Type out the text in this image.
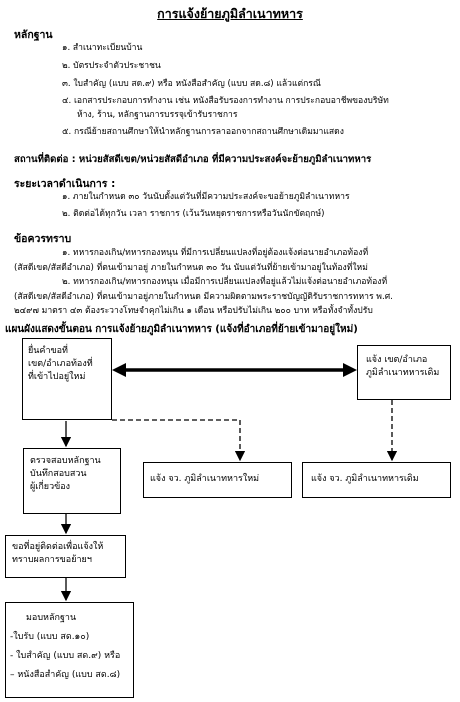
การแจ้งย้ายภูมิลำเนาทหาร
หลักฐาน
๑. สำเนาทะเบียนบ้าน
๒. บัตรประจำตัวประชาชน
๓. ใบสำคัญ (แบบ สด.๙) หรือ หนังสือสำคัญ (แบบ สด.๘) แล้วแต่กรณี
๔. เอกสารประกอบการทำงาน เช่น หนังสือรับรองการทำงาน การประกอบอาชีพของบริษัท
ห้าง, ร้าน, หลักฐานการบรรจุเข้ารับราชการ
๕. กรณีย้ายสถานศึกษาให้นำหลักฐานการลาออกจากสถานศึกษาเดิมมาแสดง
สถานที่ติดต่อ : หน่วยสัสดีเขต/หน่วยสัสดีอำเภอ ที่มีความประสงค์จะย้ายภูมิลำเนาทหาร
ระยะเวลาดำเนินการ :
๑. ภายในกำหนด ๓๐ วันนับตั้งแต่วันที่มีความประสงค์จะขอย้ายภูมิลำเนาทหาร
๒. ติดต่อได้ทุกวัน เวลา ราชการ (เว้นวันหยุดราชการหรือวันนักขัตฤกษ์)
ข้อควรทราบ
๑. ทหารกองเกิน/ทหารกองหนุน ที่มีการเปลี่ยนแปลงที่อยู่ต้องแจ้งต่อนายอำเภอท้องที่
(สัสดีเขต/สัสดีอำเภอ) ที่ตนเข้ามาอยู่ ภายในกำหนด ๓๐ วัน นับแต่วันที่ย้ายเข้ามาอยู่ในท้องที่ใหม่
๒. ทหารกองเกิน/ทหารกองหนุน เมื่อมีการเปลี่ยนแปลงที่อยู่แล้วไม่แจ้งต่อนายอำเภอท้องที่
(สัสดีเขต/สัสดีอำเภอ) ที่ตนเข้ามาอยู่ภายในกำหนด มีความผิดตามพระราชบัญญัติรับราชการทหาร พ.ศ.
๒๔๙๗ มาตรา ๔๓ ต้องระวางโทษจำคุกไม่เกิน ๑ เดือน หรือปรับไม่เกิน ๒๐๐ บาท หรือทั้งจำทั้งปรับ
แผนผังแสดงขั้นตอน การแจ้งย้ายภูมิลำเนาทหาร (แจ้งที่อำเภอที่ย้ายเข้ามาอยู่ใหม่)
ยื่นคำขอที่
เขต/อำเภอท้องที่
ที่เข้าไปอยู่ใหม่
แจ้ง เขต/อำเภอ
ภูมิลำเนาทหารเดิม
ตรวจสอบหลักฐาน
บันทึกสอบสวน
ผู้เกี่ยวข้อง
แจ้ง จว. ภูมิลำเนาทหารใหม่	แจ้ง จว. ภูมิลำเนาทหารเดิม
ขอที่อยู่ติดต่อเพื่อแจ้งให้
ทราบผลการขอย้ายฯ
มอบหลักฐาน
-ใบรับ (แบบ สด.๑๐)
- ใบสำคัญ (แบบ สด.๙) หรือ
– หนังสือสำคัญ (แบบ สด.๘)
